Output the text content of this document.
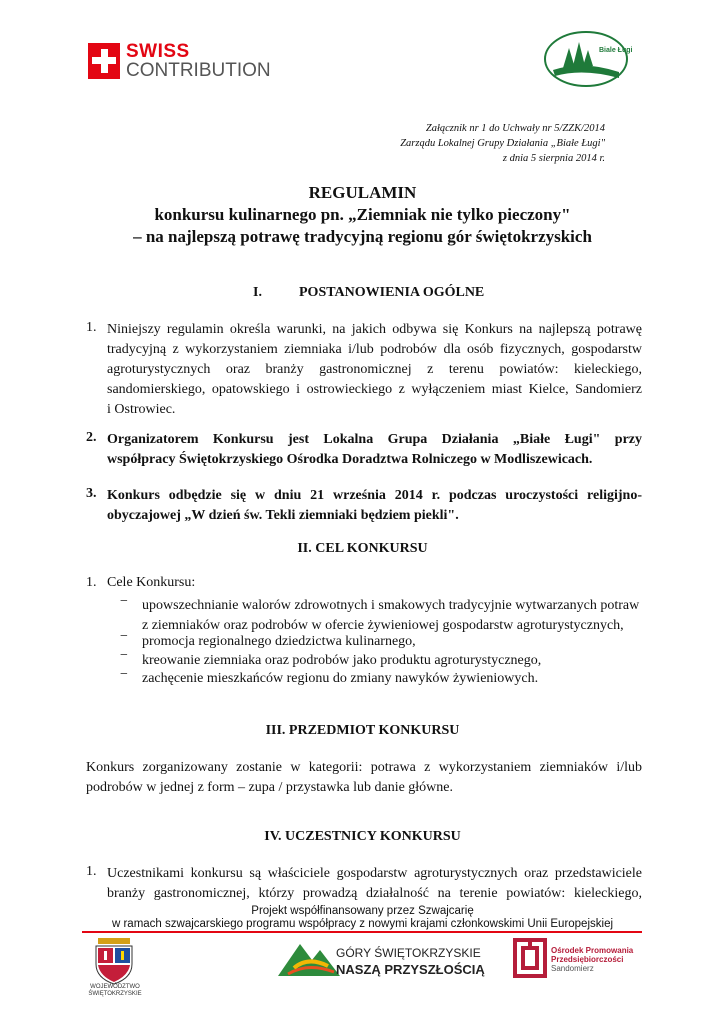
SWISS
CONTRIBUTION
Biale Ługi
Załącznik nr 1 do Uchwały nr 5/ZZK/2014
Zarządu Lokalnej Grupy Działania „Białe Ługi"
z dnia 5 sierpnia 2014 r.
REGULAMIN
konkursu kulinarnego pn. „Ziemniak nie tylko pieczony"
– na najlepszą potrawę tradycyjną regionu gór świętokrzyskich
I.	POSTANOWIENIA OGÓLNE
1. Niniejszy regulamin określa warunki, na jakich odbywa się Konkurs na najlepszą potrawę
tradycyjną z wykorzystaniem ziemniaka i/lub podrobów dla osób fizycznych, gospodarstw
agroturystycznych oraz branży gastronomicznej z terenu powiatów: kieleckiego,
sandomierskiego, opatowskiego i ostrowieckiego z wyłączeniem miast Kielce, Sandomierz
i Ostrowiec.
2. Organizatorem Konkursu jest Lokalna Grupa Działania „Białe Ługi" przy
współpracy Świętokrzyskiego Ośrodka Doradztwa Rolniczego w Modliszewicach.
3. Konkurs odbędzie się w dniu 21 września 2014 r. podczas uroczystości religijno-
obyczajowej „W dzień św. Tekli ziemniaki będziem piekli".
II. CEL KONKURSU
1. Cele Konkursu:
− upowszechnianie walorów zdrowotnych i smakowych tradycyjnie wytwarzanych potraw
z ziemniaków oraz podrobów w ofercie żywieniowej gospodarstw agroturystycznych,
− promocja regionalnego dziedzictwa kulinarnego,
− kreowanie ziemniaka oraz podrobów jako produktu agroturystycznego,
− zachęcenie mieszkańców regionu do zmiany nawyków żywieniowych.
III. PRZEDMIOT KONKURSU
Konkurs zorganizowany zostanie w kategorii: potrawa z wykorzystaniem ziemniaków i/lub
podrobów w jednej z form – zupa / przystawka lub danie główne.
IV. UCZESTNICY KONKURSU
1. Uczestnikami konkursu są właściciele gospodarstw agroturystycznych oraz przedstawiciele
branży gastronomicznej, którzy prowadzą działalność na terenie powiatów: kieleckiego,
Projekt współfinansowany przez Szwajcarię
w ramach szwajcarskiego programu współpracy z nowymi krajami członkowskimi Unii Europejskiej
WOJEWÓDZTWO
ŚWIĘTOKRZYSKIE
GÓRY ŚWIĘTOKRZYSKIE
NASZĄ PRZYSZŁOŚCIĄ
Ośrodek Promowania
Przedsiębiorczości
Sandomierz
